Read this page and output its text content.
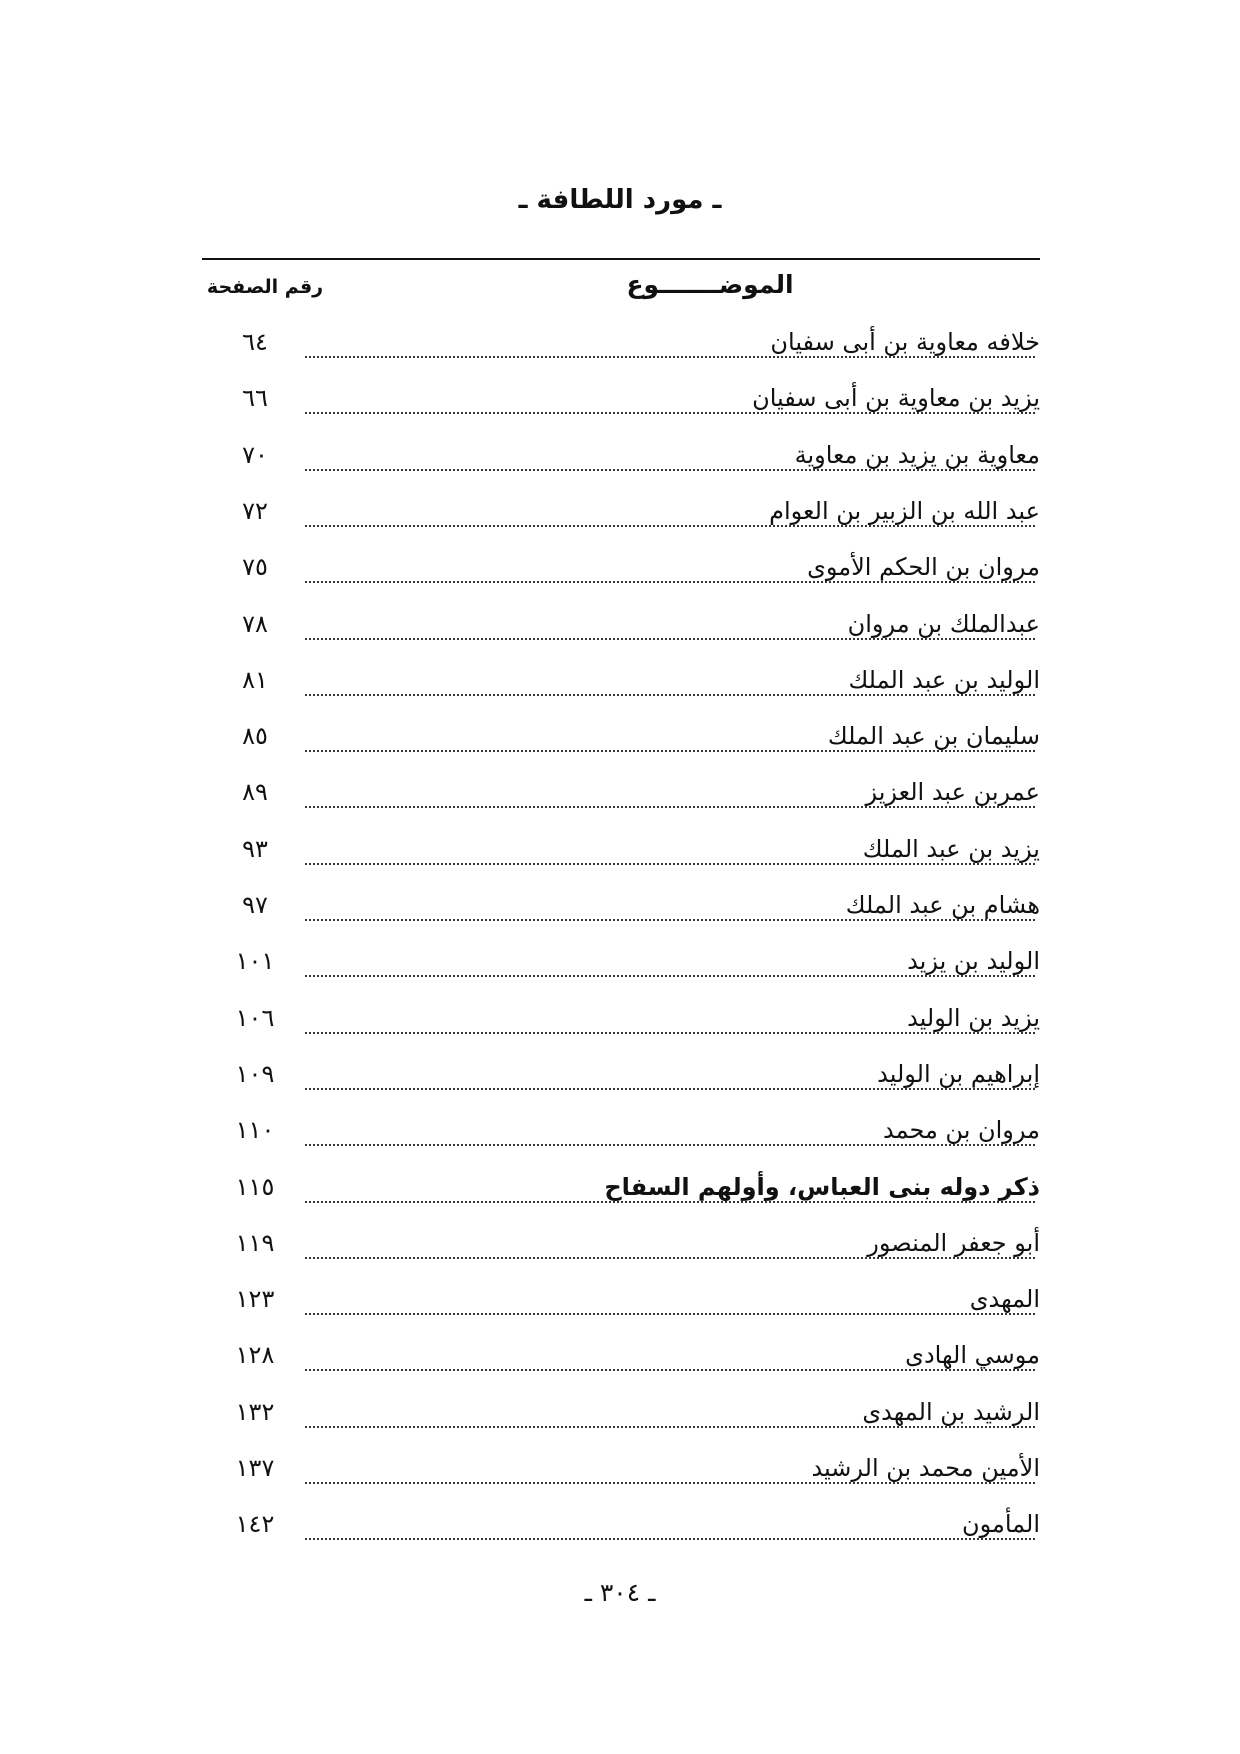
ـ مورد اللطافة ـ
الموضـــــــوع
رقم الصفحة
خلافه معاوية بن أبى سفيان
٦٤
يزيد بن معاوية بن أبى سفيان
٦٦
معاوية بن يزيد بن معاوية
٧٠
عبد الله بن الزبير بن العوام
٧٢
مروان بن الحكم الأموى
٧٥
عبدالملك بن مروان
٧٨
الوليد بن عبد الملك
٨١
سليمان بن عبد الملك
٨٥
عمربن عبد العزيز
٨٩
يزيد بن عبد الملك
٩٣
هشام بن عبد الملك
٩٧
الوليد بن يزيد
١٠١
يزيد بن الوليد
١٠٦
إبراهيم بن الوليد
١٠٩
مروان بن محمد
١١٠
ذكر دوله بنى العباس، وأولهم السفاح
١١٥
أبو جعفر المنصور
١١٩
المهدى
١٢٣
موسي الهادى
١٢٨
الرشيد بن المهدى
١٣٢
الأمين محمد بن الرشيد
١٣٧
المأمون
١٤٢
ـ ٣٠٤ ـ
